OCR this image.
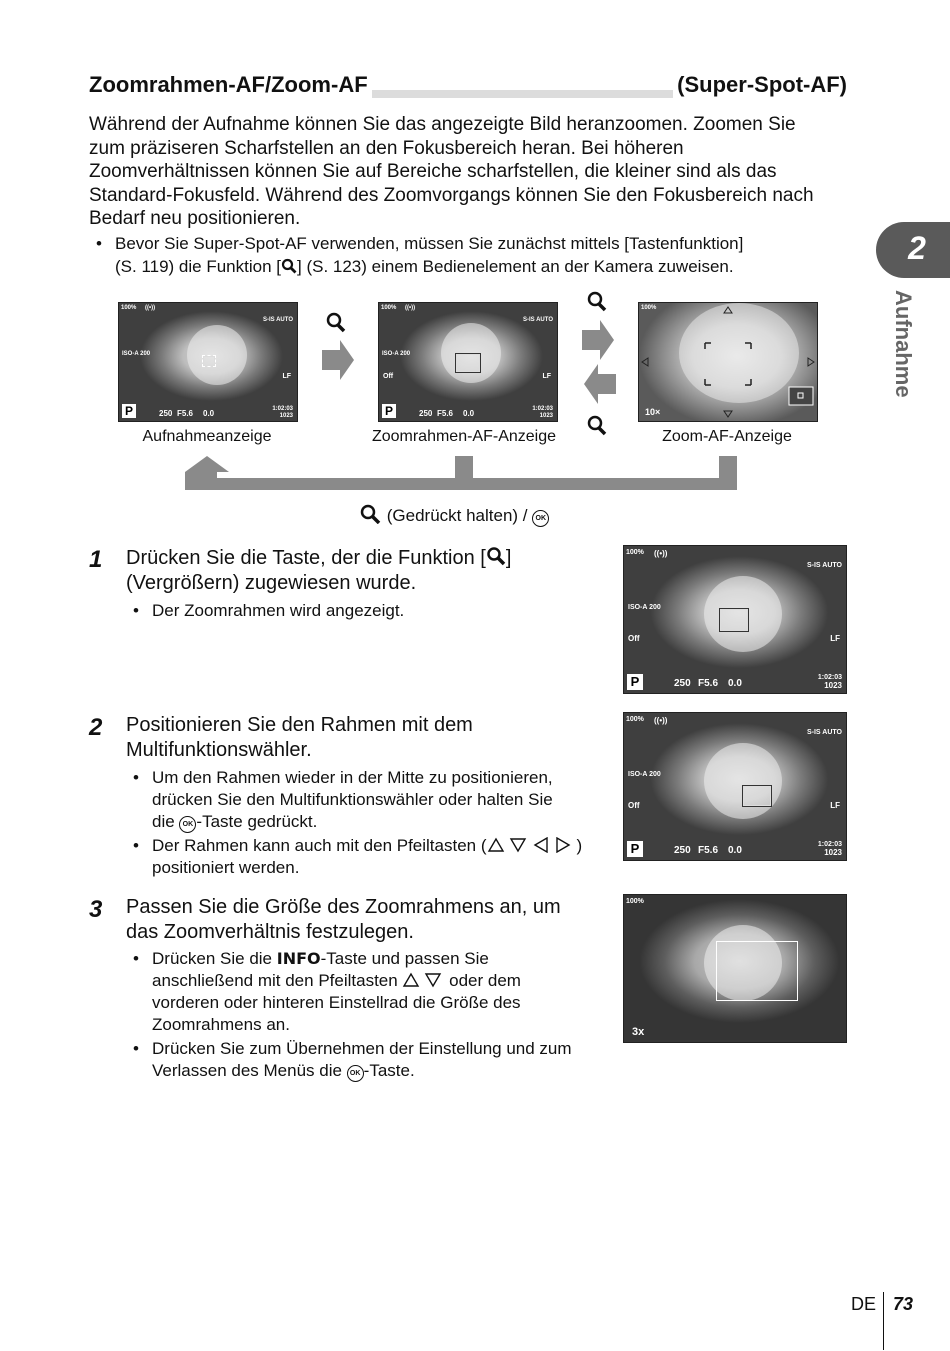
Zoomrahmen-AF/Zoom-AF	(Super-Spot-AF)
Während der Aufnahme können Sie das angezeigte Bild heranzoomen. Zoomen Sie zum präziseren Scharfstellen an den Fokusbereich heran. Bei höheren Zoomverhältnissen können Sie auf Bereiche scharfstellen, die kleiner sind als das Standard-Fokusfeld. Während des Zoomvorgangs können Sie den Fokusbereich nach Bedarf neu positionieren.
• Bevor Sie Super-Spot-AF verwenden, müssen Sie zunächst mittels [Tastenfunktion]
(S. 119) die Funktion [ ] (S. 123) einem Bedienelement an der Kamera zuweisen.
2
Aufnahme
100% ((•))
S-IS AUTO
ISO-A 200
LF
P	250 F5.6 0.0	1:02:03
1023
100% ((•))
S-IS AUTO
ISO-A 200
Off	LF
P	250 F5.6 0.0	1:02:03
1023
100%
10×
Aufnahmeanzeige	Zoomrahmen-AF-Anzeige	Zoom-AF-Anzeige
(Gedrückt halten) / OK
1 Drücken Sie die Taste, der die Funktion [ ]
(Vergrößern) zugewiesen wurde.
• Der Zoomrahmen wird angezeigt.
100% ((•))
S-IS AUTO
ISO-A 200
Off	LF
P	250 F5.6 0.0
1:02:03
1023
2 Positionieren Sie den Rahmen mit dem
Multifunktionswähler.
• Um den Rahmen wieder in der Mitte zu positionieren,
drücken Sie den Multifunktionswähler oder halten Sie
die OK -Taste gedrückt.
• Der Rahmen kann auch mit den Pfeiltasten (	)
positioniert werden.
100% ((•))
S-IS AUTO
ISO-A 200
Off	LF
P	250 F5.6 0.0
1:02:03
1023
3 Passen Sie die Größe des Zoomrahmens an, um
das Zoomverhältnis festzulegen.
• Drücken Sie die INFO-Taste und passen Sie
anschließend mit den Pfeiltasten  oder dem
vorderen oder hinteren Einstellrad die Größe des
Zoomrahmens an.
• Drücken Sie zum Übernehmen der Einstellung und zum
Verlassen des Menüs die OK -Taste.
100%
3x
DE 73
